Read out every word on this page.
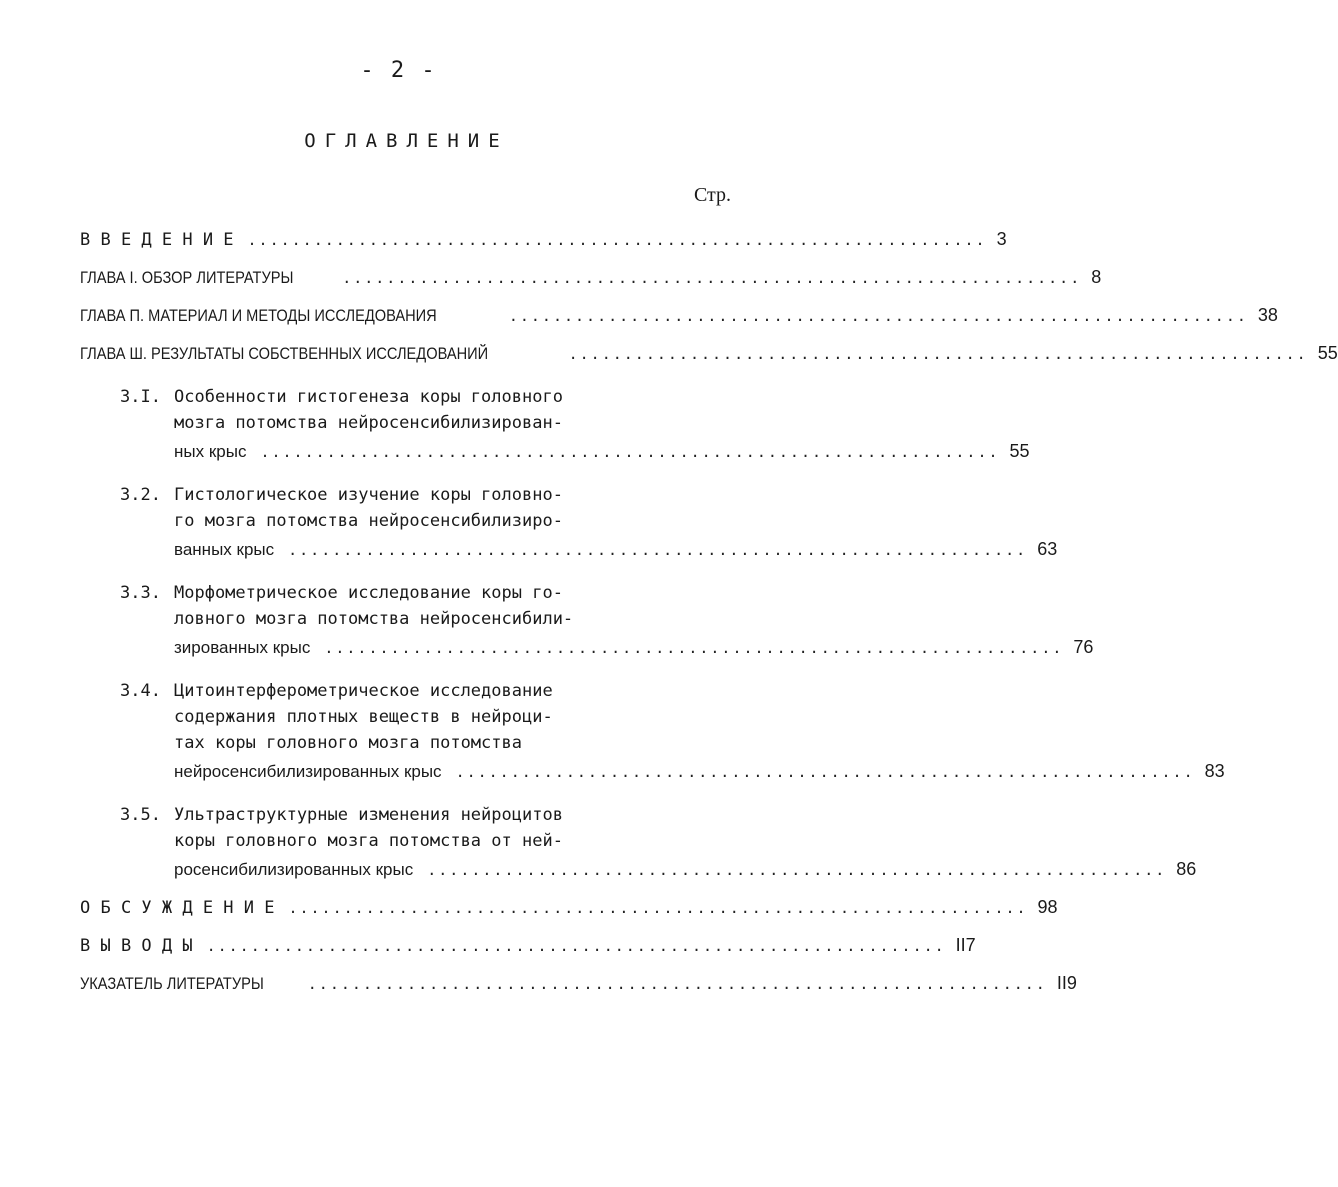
- 2 -
ОГЛАВЛЕНИЕ
Стр.
В В Е Д Е Н И Е ................................................................... 3
ГЛАВА I. ОБЗОР ЛИТЕРАТУРЫ	................................................................... 8
ГЛАВА П. МАТЕРИАЛ И МЕТОДЫ ИССЛЕДОВАНИЯ	................................................................... 38
ГЛАВА Ш. РЕЗУЛЬТАТЫ СОБСТВЕННЫХ ИССЛЕДОВАНИЙ	................................................................... 55
3.I. Особенности гистогенеза коры головного
мозга потомства нейросенсибилизирован-
ных крыс ................................................................... 55
3.2. Гистологическое изучение коры головно-
го мозга потомства нейросенсибилизиро-
ванных крыс ................................................................... 63
3.3. Морфометрическое исследование коры го-
ловного мозга потомства нейросенсибили-
зированных крыс ................................................................... 76
3.4. Цитоинтерферометрическое исследование
содержания плотных веществ в нейроци-
тах коры головного мозга потомства
нейросенсибилизированных крыс ................................................................... 83
3.5. Ультраструктурные изменения нейроцитов
коры головного мозга потомства от ней-
росенсибилизированных крыс ................................................................... 86
О Б С У Ж Д Е Н И Е ................................................................... 98
В Ы В О Д Ы ................................................................... II7
УКАЗАТЕЛЬ ЛИТЕРАТУРЫ	................................................................... II9
